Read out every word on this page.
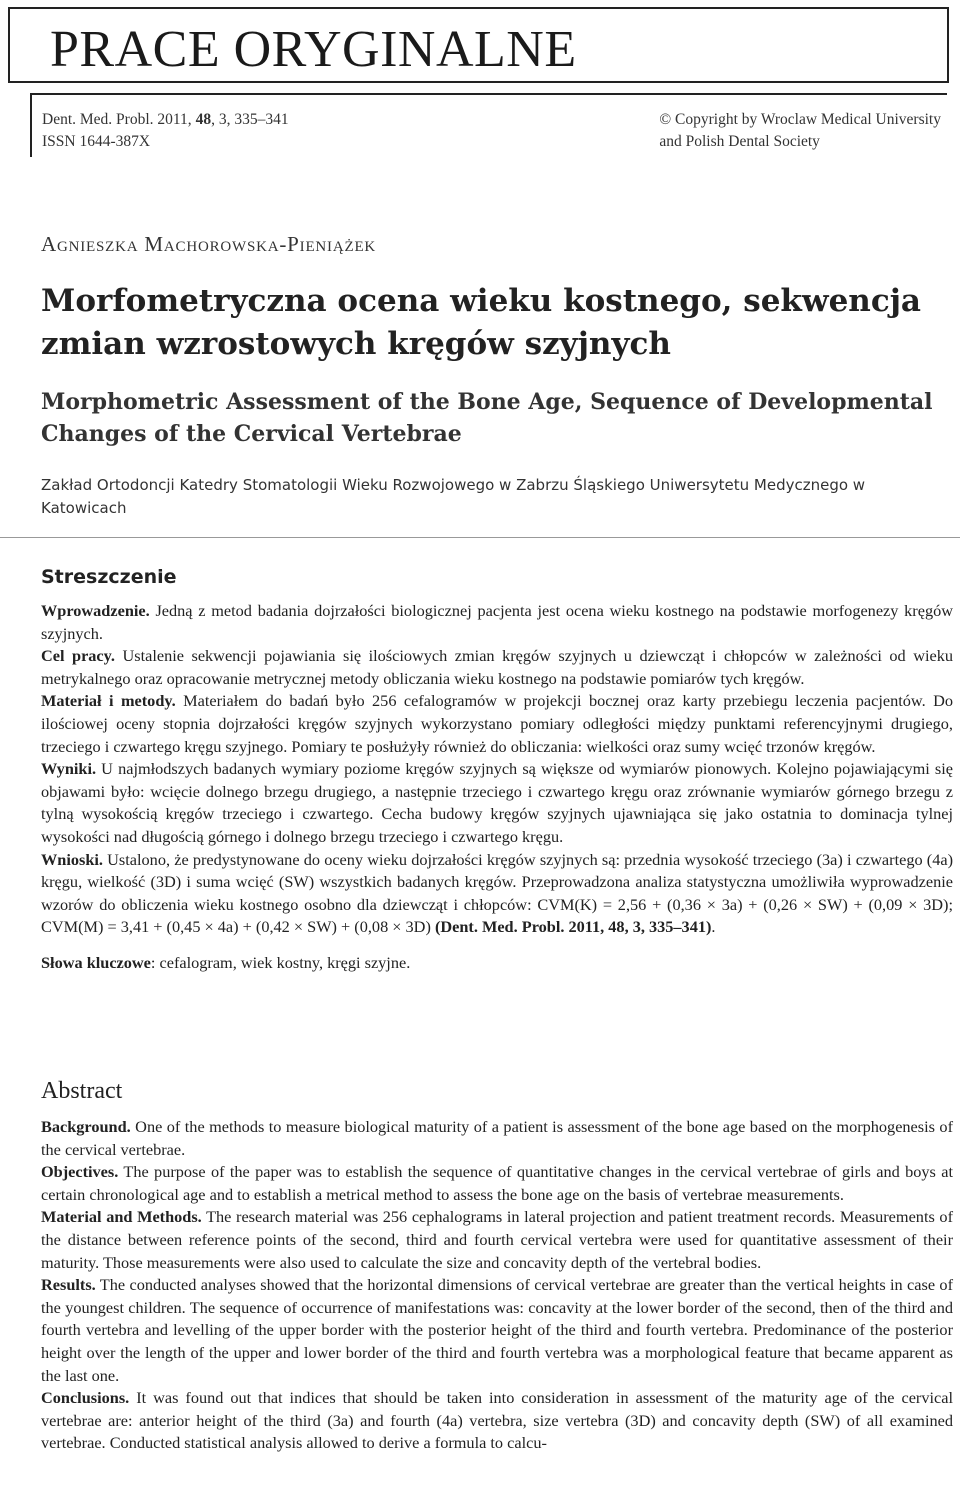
PRACE ORYGINALNE
Dent. Med. Probl. 2011, 48, 3, 335–341
ISSN 1644-387X
© Copyright by Wroclaw Medical University
and Polish Dental Society
Agnieszka Machorowska-Pieniążek
Morfometryczna ocena wieku kostnego, sekwencja zmian wzrostowych kręgów szyjnych
Morphometric Assessment of the Bone Age, Sequence of Developmental Changes of the Cervical Vertebrae
Zakład Ortodoncji Katedry Stomatologii Wieku Rozwojowego w Zabrzu Śląskiego Uniwersytetu Medycznego w Katowicach
Streszczenie

Wprowadzenie. Jedną z metod badania dojrzałości biologicznej pacjenta jest ocena wieku kostnego na podstawie morfogenezy kręgów szyjnych.

Cel pracy. Ustalenie sekwencji pojawiania się ilościowych zmian kręgów szyjnych u dziewcząt i chłopców w zależności od wieku metrykalnego oraz opracowanie metrycznej metody obliczania wieku kostnego na podstawie pomiarów tych kręgów.

Materiał i metody. Materiałem do badań było 256 cefalogramów w projekcji bocznej oraz karty przebiegu leczenia pacjentów. Do ilościowej oceny stopnia dojrzałości kręgów szyjnych wykorzystano pomiary odległości między punktami referencyjnymi drugiego, trzeciego i czwartego kręgu szyjnego. Pomiary te posłużyły również do obliczania: wielkości oraz sumy wcięć trzonów kręgów.

Wyniki. U najmłodszych badanych wymiary poziome kręgów szyjnych są większe od wymiarów pionowych. Kolejno pojawiającymi się objawami było: wcięcie dolnego brzegu drugiego, a następnie trzeciego i czwartego kręgu oraz zrównanie wymiarów górnego brzegu z tylną wysokością kręgów trzeciego i czwartego. Cecha budowy kręgów szyjnych ujawniająca się jako ostatnia to dominacja tylnej wysokości nad długością górnego i dolnego brzegu trzeciego i czwartego kręgu.

Wnioski. Ustalono, że predystynowane do oceny wieku dojrzałości kręgów szyjnych są: przednia wysokość trzeciego (3a) i czwartego (4a) kręgu, wielkość (3D) i suma wcięć (SW) wszystkich badanych kręgów. Przeprowadzona analiza statystyczna umożliwiła wyprowadzenie wzorów do obliczenia wieku kostnego osobno dla dziewcząt i chłopców: CVM(K) = 2,56 + (0,36 × 3a) + (0,26 × SW) + (0,09 × 3D); CVM(M) = 3,41 + (0,45 × 4a) + (0,42 × SW) + (0,08 × 3D) (Dent. Med. Probl. 2011, 48, 3, 335–341).

Słowa kluczowe: cefalogram, wiek kostny, kręgi szyjne.

Abstract

Background. One of the methods to measure biological maturity of a patient is assessment of the bone age based on the morphogenesis of the cervical vertebrae.

Objectives. The purpose of the paper was to establish the sequence of quantitative changes in the cervical vertebrae of girls and boys at certain chronological age and to establish a metrical method to assess the bone age on the basis of vertebrae measurements.

Material and Methods. The research material was 256 cephalograms in lateral projection and patient treatment records. Measurements of the distance between reference points of the second, third and fourth cervical vertebra were used for quantitative assessment of their maturity. Those measurements were also used to calculate the size and concavity depth of the vertebral bodies.

Results. The conducted analyses showed that the horizontal dimensions of cervical vertebrae are greater than the vertical heights in case of the youngest children. The sequence of occurrence of manifestations was: concavity at the lower border of the second, then of the third and fourth vertebra and levelling of the upper border with the posterior height of the third and fourth vertebra. Predominance of the posterior height over the length of the upper and lower border of the third and fourth vertebra was a morphological feature that became apparent as the last one.

Conclusions. It was found out that indices that should be taken into consideration in assessment of the maturity age of the cervical vertebrae are: anterior height of the third (3a) and fourth (4a) vertebra, size vertebra (3D) and concavity depth (SW) of all examined vertebrae. Conducted statistical analysis allowed to derive a formula to calcu-
